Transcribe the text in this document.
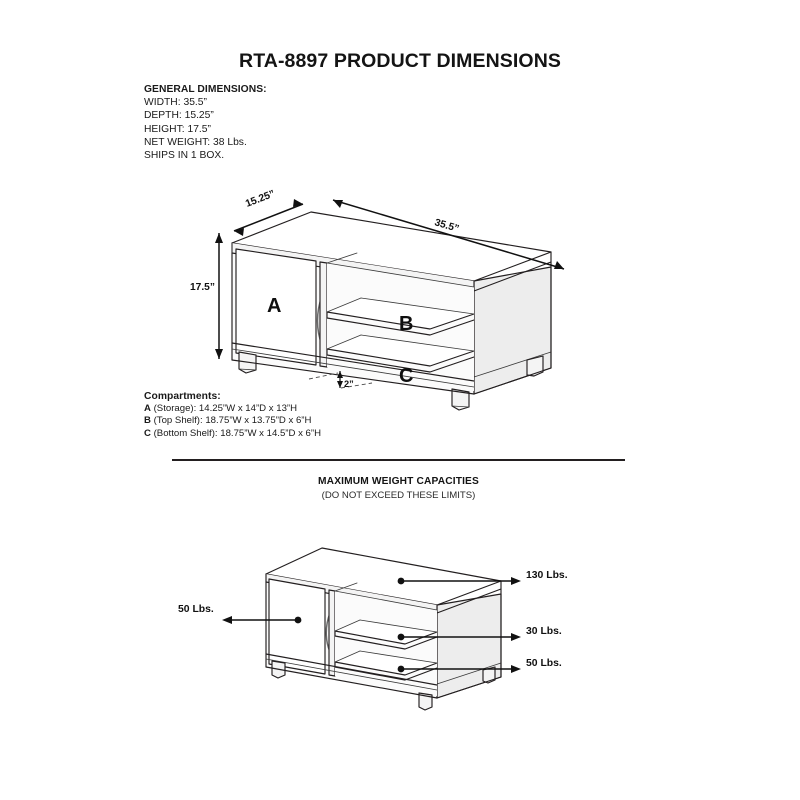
RTA-8897 PRODUCT DIMENSIONS
GENERAL DIMENSIONS:
WIDTH: 35.5”
DEPTH: 15.25”
HEIGHT: 17.5”
NET WEIGHT: 38 Lbs.
SHIPS IN 1 BOX.
A
B
C
15.25”
35.5”
17.5”
2”
Compartments:
A (Storage): 14.25”W x 14”D x 13”H
B (Top Shelf): 18.75”W x 13.75”D x 6”H
C (Bottom Shelf): 18.75”W x 14.5”D x 6”H
MAXIMUM WEIGHT CAPACITIES
(DO NOT EXCEED THESE LIMITS)
130 Lbs.
50 Lbs.
30 Lbs.
50 Lbs.
